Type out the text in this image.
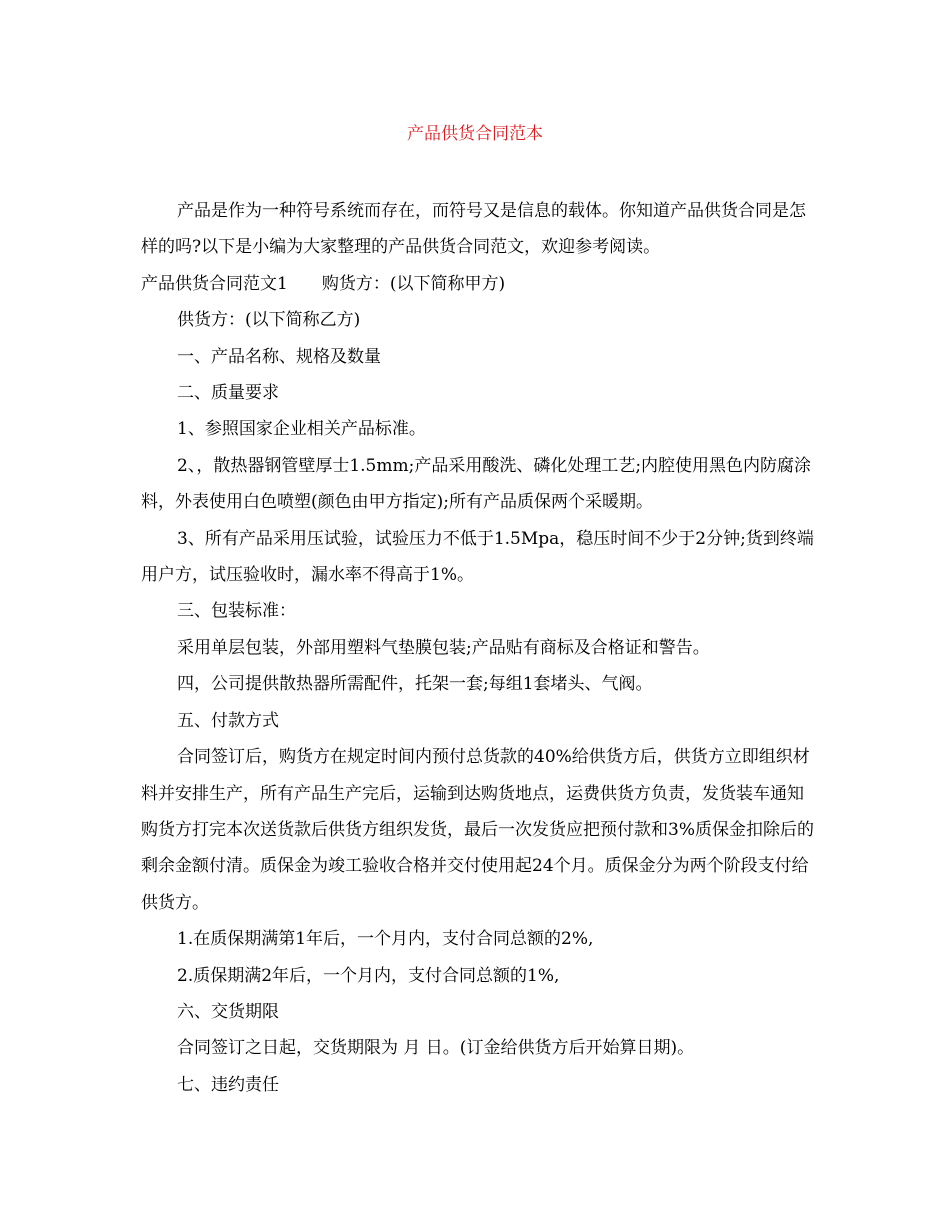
产品供货合同范本

产品是作为一种符号系统而存在，而符号又是信息的载体。你知道产品供货合同是怎样的吗?以下是小编为大家整理的产品供货合同范文，欢迎参考阅读。

产品供货合同范文1　　购货方：(以下简称甲方)

供货方：(以下简称乙方)

一、产品名称、规格及数量

二、质量要求

1、参照国家企业相关产品标准。

2、，散热器钢管壁厚士1.5mm;产品采用酸洗、磷化处理工艺;内腔使用黑色内防腐涂料，外表使用白色喷塑(颜色由甲方指定);所有产品质保两个采暖期。

3、所有产品采用压试验，试验压力不低于1.5Mpa，稳压时间不少于2分钟;货到终端用户方，试压验收时，漏水率不得高于1%。

三、包装标准：

采用单层包装，外部用塑料气垫膜包装;产品贴有商标及合格证和警告。

四，公司提供散热器所需配件，托架一套;每组1套堵头、气阀。

五、付款方式

合同签订后，购货方在规定时间内预付总货款的40%给供货方后，供货方立即组织材料并安排生产，所有产品生产完后，运输到达购货地点，运费供货方负责，发货装车通知购货方打完本次送货款后供货方组织发货，最后一次发货应把预付款和3%质保金扣除后的剩余金额付清。质保金为竣工验收合格并交付使用起24个月。质保金分为两个阶段支付给供货方。

1.在质保期满第1年后，一个月内，支付合同总额的2%,

2.质保期满2年后，一个月内，支付合同总额的1%,

六、交货期限

合同签订之日起，交货期限为 月 日。(订金给供货方后开始算日期)。

七、违约责任
